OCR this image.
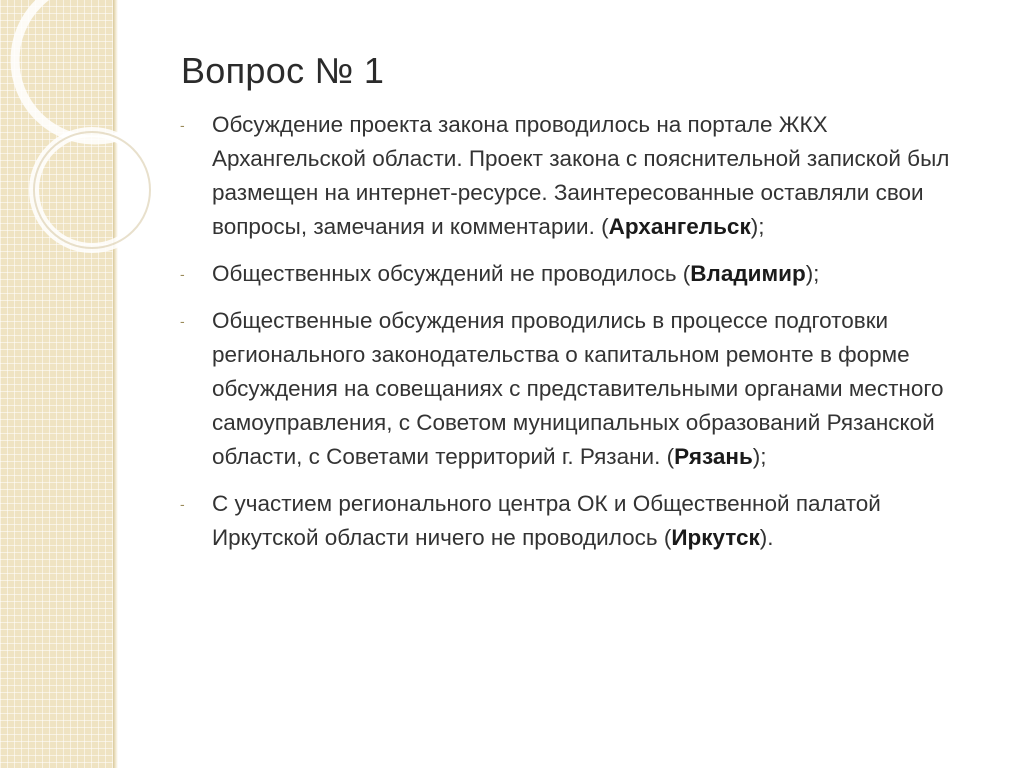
Вопрос № 1
- Обсуждение проекта закона проводилось на портале ЖКХ Архангельской области. Проект закона с пояснительной запиской был размещен на интернет-ресурсе. Заинтересованные оставляли свои вопросы, замечания и комментарии. (Архангельск);
- Общественных обсуждений не проводилось (Владимир);
- Общественные обсуждения проводились в процессе подготовки регионального законодательства о капитальном ремонте в форме обсуждения на совещаниях с представительными органами местного самоуправления, с Советом муниципальных образований Рязанской области, с Советами территорий г. Рязани. (Рязань);
- С участием регионального центра ОК и Общественной палатой Иркутской области ничего не проводилось (Иркутск).
